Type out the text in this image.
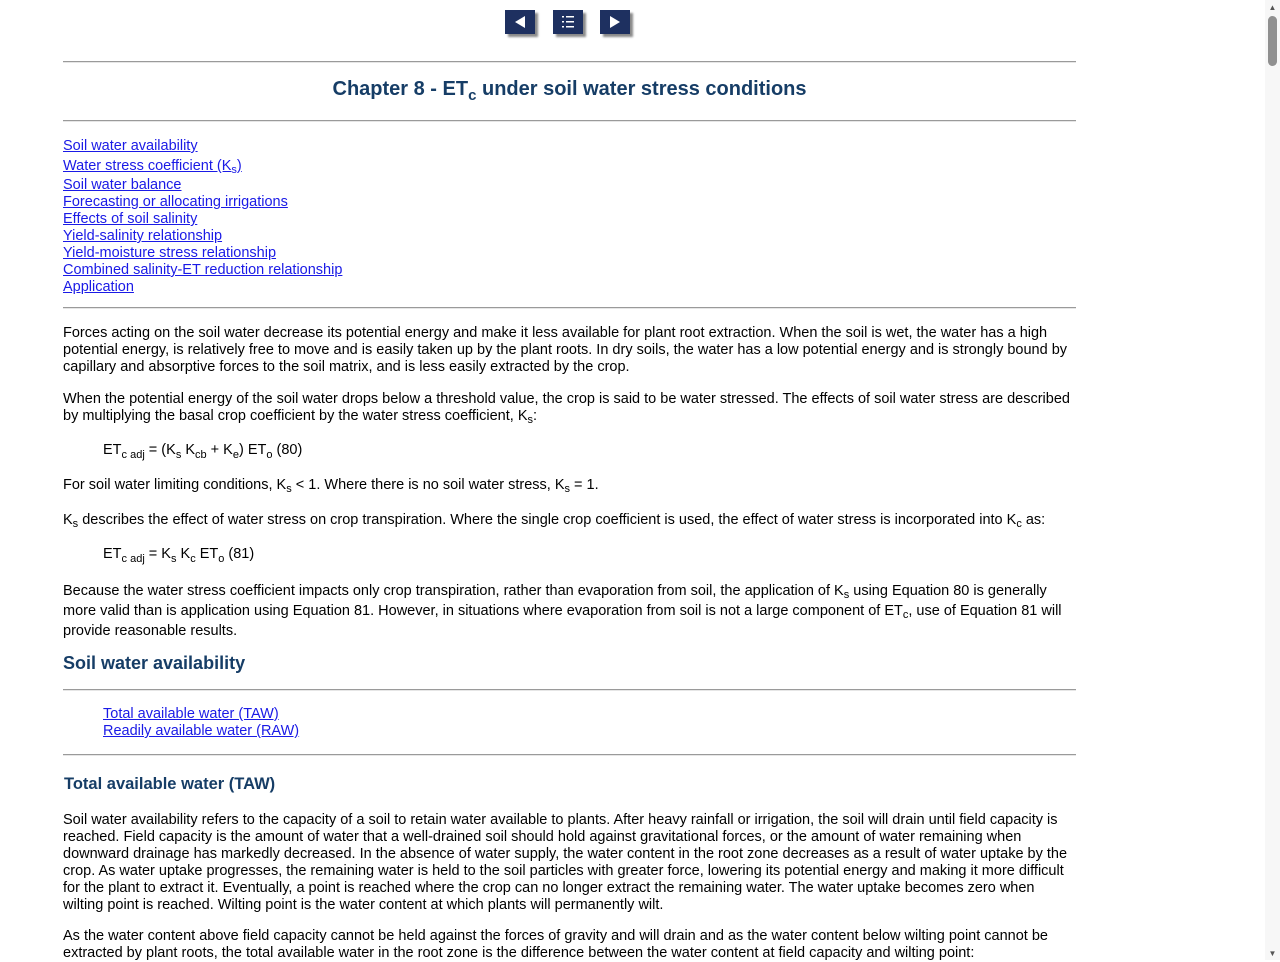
Chapter $8 - ET_c$ under soil water stress conditions
Soil water availability
Water stress coefficient $(K_s)$
Soil water balance
Forecasting or allocating irrigations
Effects of soil salinity
Yield-salinity relationship
Yield-moisture stress relationship
Combined salinity-ET reduction relationship
Application

Forces acting on the soil water decrease its potential energy and make it less available for plant root extraction. When the soil is wet, the water has a high potential energy, is relatively free to move and is easily taken up by the plant roots. In dry soils, the water has a low potential energy and is strongly bound by capillary and absorptive forces to the soil matrix, and is less easily extracted by the crop.

When the potential energy of the soil water drops below a threshold value, the crop is said to be water stressed. The effects of soil water stress are described by multiplying the basal crop coefficient by the water stress coefficient, $K_s$:

$ET_{c adj} = (K_s$ $K_{cb} + K_e$) $ET_o$ (80)

For soil water limiting conditions, $K_s < 1$. Where there is no soil water stress, $K_s = 1$.

$K_s$ describes the effect of water stress on crop transpiration. Where the single crop coefficient is used, the effect of water stress is incorporated into $K_c$ as:

$ET_{c adj} = K_s$ $K_c$ $ET_o$ (81)

Because the water stress coefficient impacts only crop transpiration, rather than evaporation from soil, the application of $K_s$ using Equation 80 is generally more valid than is application using Equation 81. However, in situations where evaporation from soil is not a large component of $ET_c$, use of Equation 81 will provide reasonable results.

Soil water availability
Total available water (TAW)
Readily available water (RAW)
Total available water (TAW)

Soil water availability refers to the capacity of a soil to retain water available to plants. After heavy rainfall or irrigation, the soil will drain until field capacity is reached. Field capacity is the amount of water that a well-drained soil should hold against gravitational forces, or the amount of water remaining when downward drainage has markedly decreased. In the absence of water supply, the water content in the root zone decreases as a result of water uptake by the crop. As water uptake progresses, the remaining water is held to the soil particles with greater force, lowering its potential energy and making it more difficult for the plant to extract it. Eventually, a point is reached where the crop can no longer extract the remaining water. The water uptake becomes zero when wilting point is reached. Wilting point is the water content at which plants will permanently wilt.

As the water content above field capacity cannot be held against the forces of gravity and will drain and as the water content below wilting point cannot be extracted by plant roots, the total available water in the root zone is the difference between the water content at field capacity and wilting point:

▲
▼
